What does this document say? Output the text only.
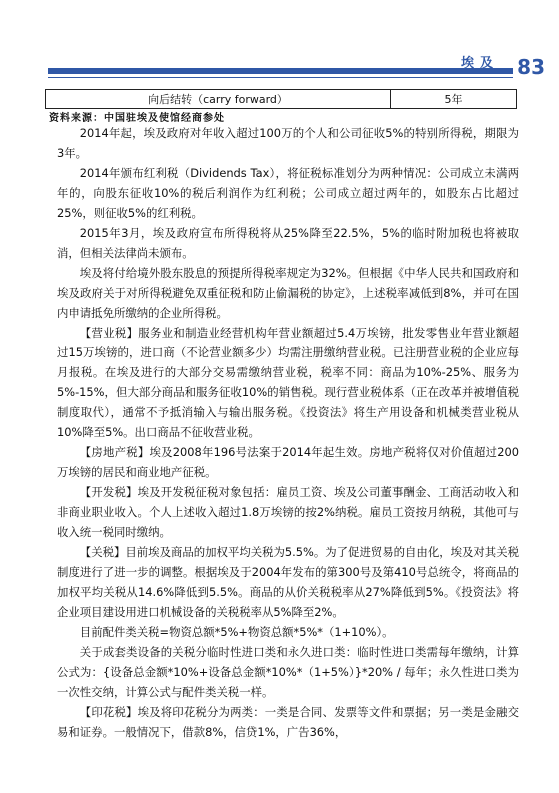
埃及 83
向后结转（carry forward）	5年
资料来源：中国驻埃及使馆经商参处

2014年起，埃及政府对年收入超过100万的个人和公司征收5%的特别所得税，期限为3年。

2014年颁布红利税（Dividends Tax），将征税标准划分为两种情况：公司成立未满两年的，向股东征收10%的税后利润作为红利税；公司成立超过两年的，如股东占比超过25%，则征收5%的红利税。

2015年3月，埃及政府宣布所得税将从25%降至22.5%，5%的临时附加税也将被取消，但相关法律尚未颁布。

埃及将付给境外股东股息的预提所得税率规定为32%。但根据《中华人民共和国政府和埃及政府关于对所得税避免双重征税和防止偷漏税的协定》，上述税率减低到8%，并可在国内申请抵免所缴纳的企业所得税。

【营业税】服务业和制造业经营机构年营业额超过5.4万埃镑，批发零售业年营业额超过15万埃镑的，进口商（不论营业额多少）均需注册缴纳营业税。已注册营业税的企业应每月报税。在埃及进行的大部分交易需缴纳营业税，税率不同：商品为10%-25%、服务为5%-15%，但大部分商品和服务征收10%的销售税。现行营业税体系（正在改革并被增值税制度取代），通常不予抵消输入与输出服务税。《投资法》将生产用设备和机械类营业税从10%降至5%。出口商品不征收营业税。

【房地产税】埃及2008年196号法案于2014年起生效。房地产税将仅对价值超过200万埃镑的居民和商业地产征税。

【开发税】埃及开发税征税对象包括：雇员工资、埃及公司董事酬金、工商活动收入和非商业职业收入。个人上述收入超过1.8万埃镑的按2%纳税。雇员工资按月纳税，其他可与收入统一税同时缴纳。

【关税】目前埃及商品的加权平均关税为5.5%。为了促进贸易的自由化，埃及对其关税制度进行了进一步的调整。根据埃及于2004年发布的第300号及第410号总统令，将商品的加权平均关税从14.6%降低到5.5%。商品的从价关税税率从27%降低到5%。《投资法》将企业项目建设用进口机械设备的关税税率从5%降至2%。

目前配件类关税=物资总额*5%+物资总额*5%*（1+10%）。

关于成套类设备的关税分临时性进口类和永久进口类：临时性进口类需每年缴纳，计算公式为：{设备总金额*10%+设备总金额*10%*（1+5%）}*20% / 每年；永久性进口类为一次性交纳，计算公式与配件类关税一样。

【印花税】埃及将印花税分为两类：一类是合同、发票等文件和票据；另一类是金融交易和证券。一般情况下，借款8%，信贷1%，广告36%，
